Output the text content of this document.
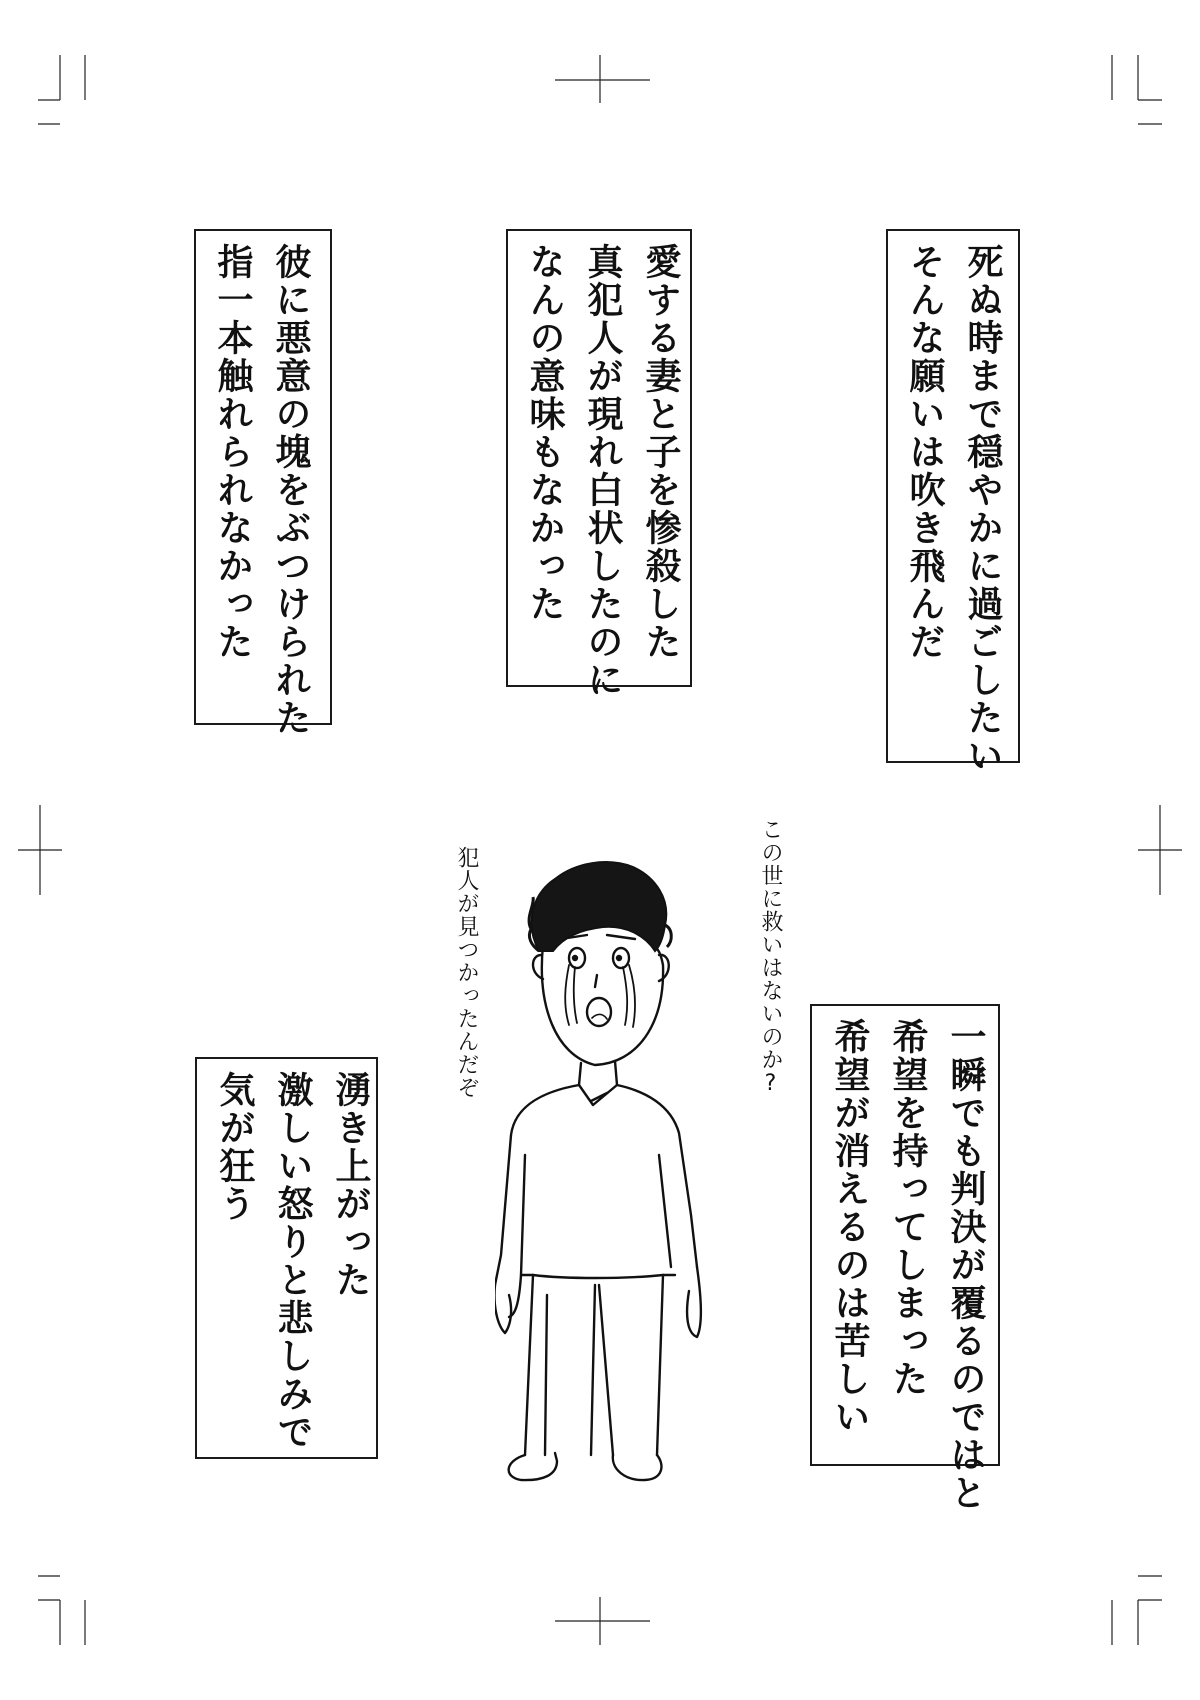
死ぬ時まで穏やかに過ごしたい
そんな願いは吹き飛んだ
愛する妻と子を惨殺した
真犯人が現れ白状したのに
なんの意味もなかった
彼に悪意の塊をぶつけられた
指一本触れられなかった
この世に救いはないのか?
犯人が見つかったんだぞ
一瞬でも判決が覆るのではと
希望を持ってしまった
希望が消えるのは苦しい
湧き上がった
激しい怒りと悲しみで
気が狂う
